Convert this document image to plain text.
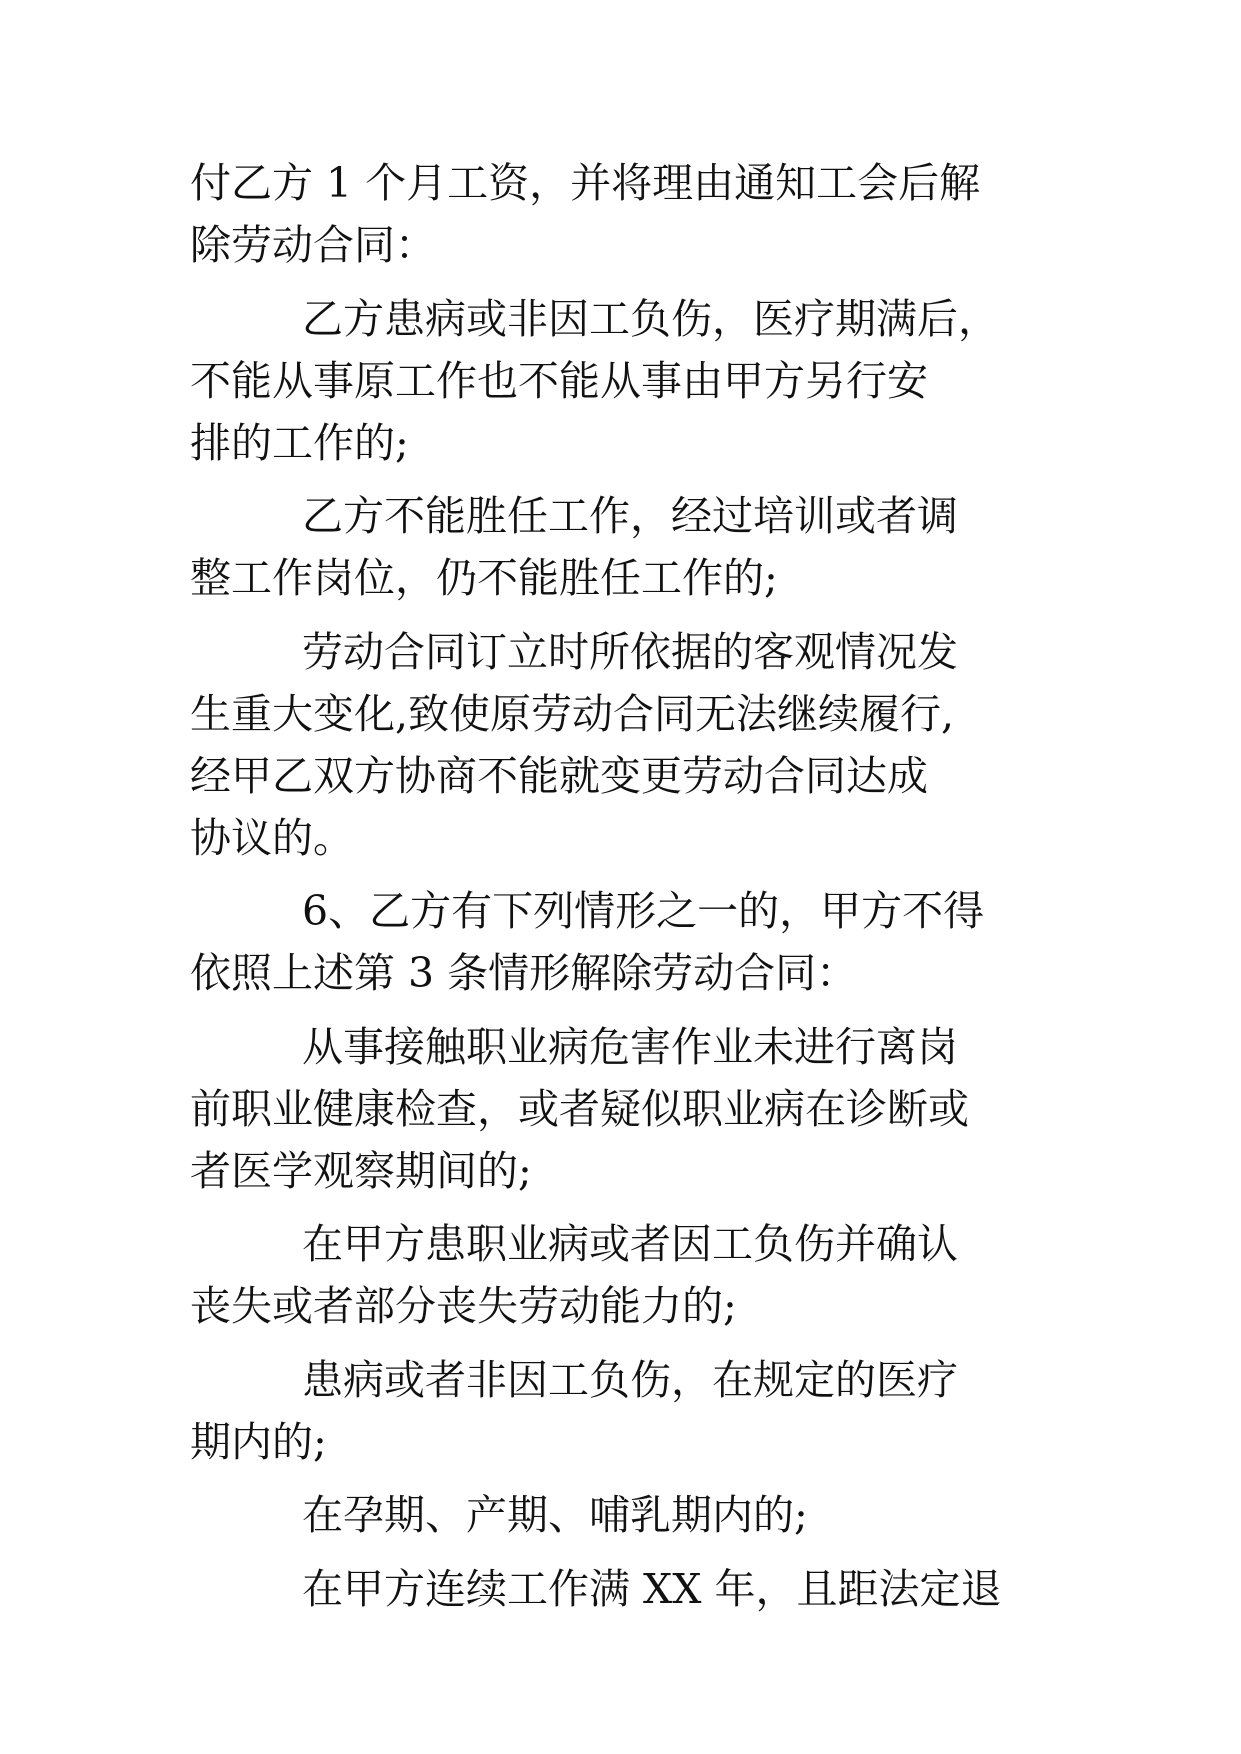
付乙方 1 个月工资，并将理由通知工会后解
除劳动合同：
乙方患病或非因工负伤，医疗期满后，
不能从事原工作也不能从事由甲方另行安
排的工作的;
乙方不能胜任工作，经过培训或者调
整工作岗位，仍不能胜任工作的;
劳动合同订立时所依据的客观情况发
生重大变化,致使原劳动合同无法继续履行,
经甲乙双方协商不能就变更劳动合同达成
协议的。
6、乙方有下列情形之一的，甲方不得
依照上述第 3 条情形解除劳动合同：
从事接触职业病危害作业未进行离岗
前职业健康检查，或者疑似职业病在诊断或
者医学观察期间的;
在甲方患职业病或者因工负伤并确认
丧失或者部分丧失劳动能力的;
患病或者非因工负伤，在规定的医疗
期内的;
在孕期、产期、哺乳期内的;
在甲方连续工作满 XX 年，且距法定退
